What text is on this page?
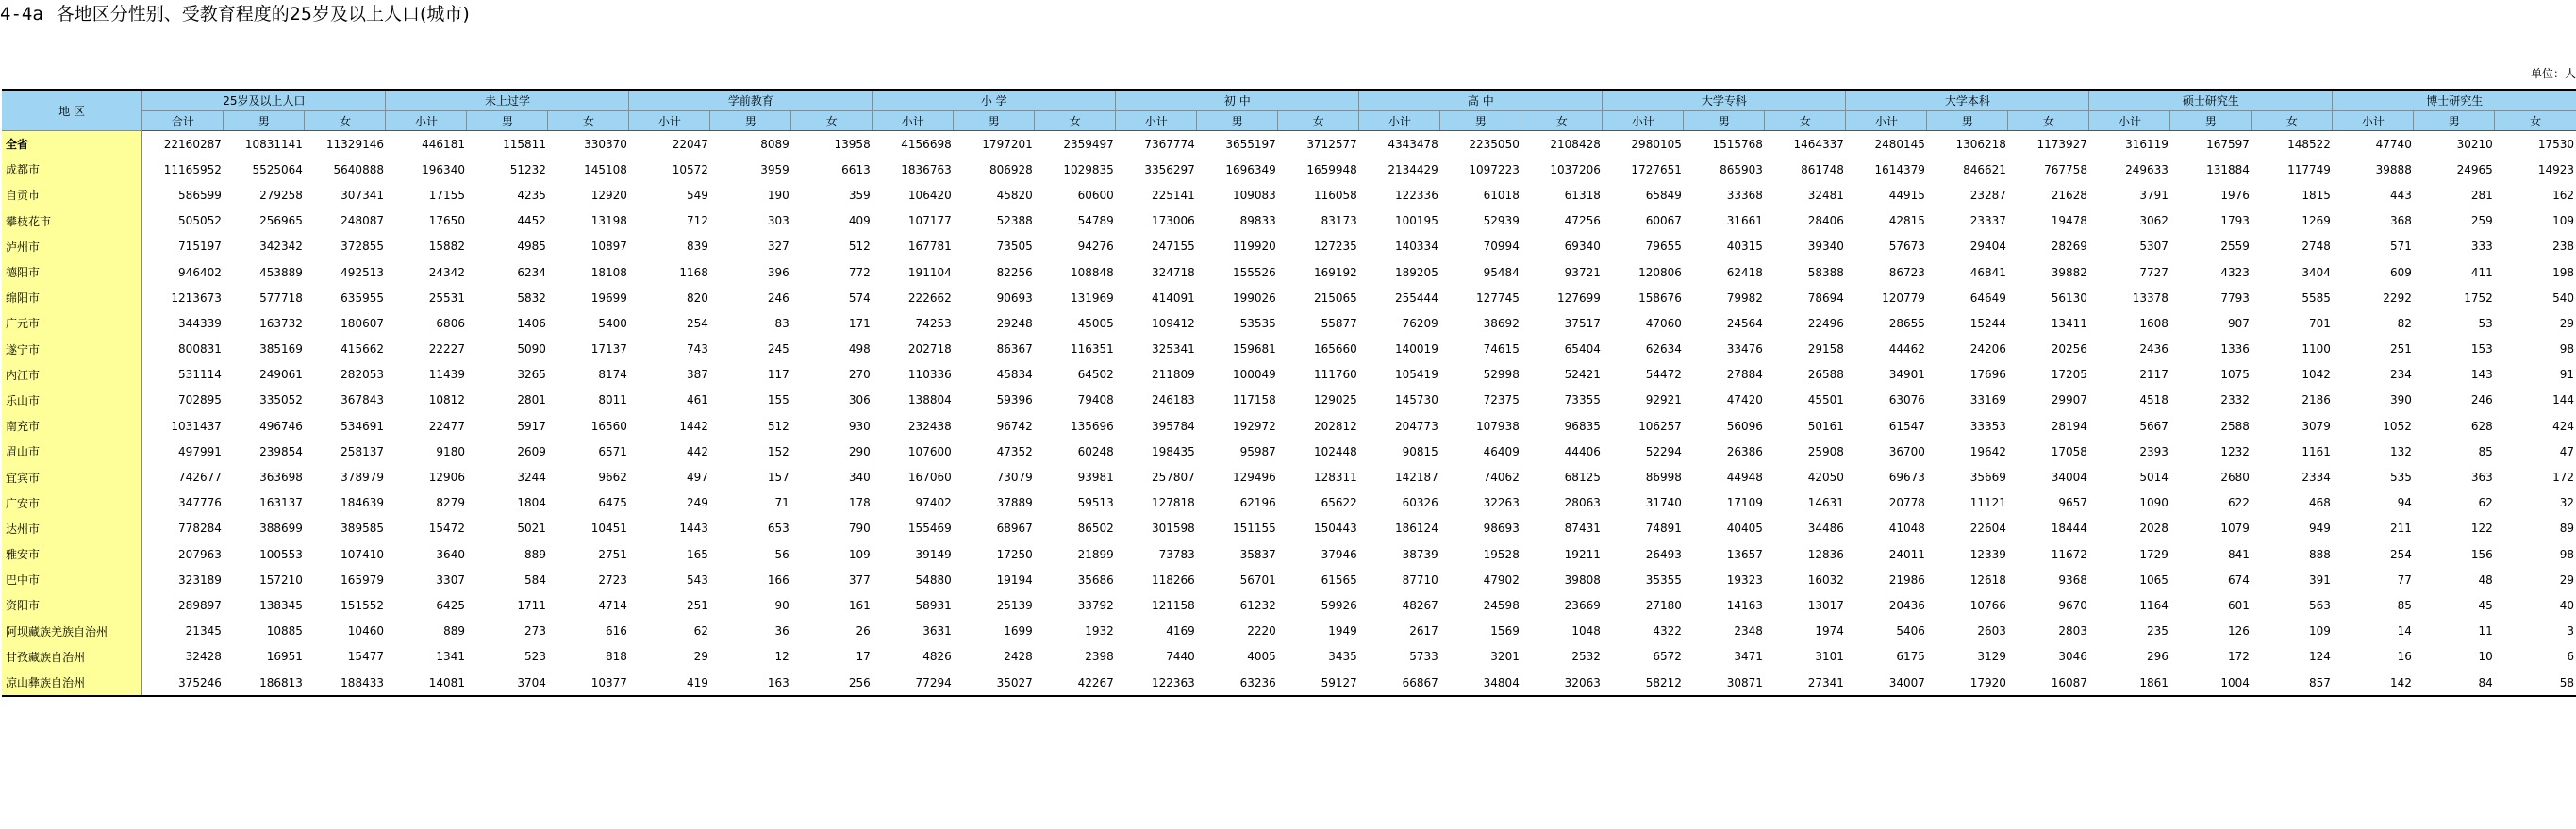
4-4a 各地区分性别、受教育程度的25岁及以上人口(城市)
单位：人
地 区	25岁及以上人口			未上过学			学前教育			小 学			初 中			高 中			大学专科			大学本科			硕士研究生			博士研究生		
	合计	男	女	小计	男	女	小计	男	女	小计	男	女	小计	男	女	小计	男	女	小计	男	女	小计	男	女	小计	男	女	小计	男	女
全省	22160287	10831141	11329146	446181	115811	330370	22047	8089	13958	4156698	1797201	2359497	7367774	3655197	3712577	4343478	2235050	2108428	2980105	1515768	1464337	2480145	1306218	1173927	316119	167597	148522	47740	30210	17530
成都市	11165952	5525064	5640888	196340	51232	145108	10572	3959	6613	1836763	806928	1029835	3356297	1696349	1659948	2134429	1097223	1037206	1727651	865903	861748	1614379	846621	767758	249633	131884	117749	39888	24965	14923
自贡市	586599	279258	307341	17155	4235	12920	549	190	359	106420	45820	60600	225141	109083	116058	122336	61018	61318	65849	33368	32481	44915	23287	21628	3791	1976	1815	443	281	162
攀枝花市	505052	256965	248087	17650	4452	13198	712	303	409	107177	52388	54789	173006	89833	83173	100195	52939	47256	60067	31661	28406	42815	23337	19478	3062	1793	1269	368	259	109
泸州市	715197	342342	372855	15882	4985	10897	839	327	512	167781	73505	94276	247155	119920	127235	140334	70994	69340	79655	40315	39340	57673	29404	28269	5307	2559	2748	571	333	238
德阳市	946402	453889	492513	24342	6234	18108	1168	396	772	191104	82256	108848	324718	155526	169192	189205	95484	93721	120806	62418	58388	86723	46841	39882	7727	4323	3404	609	411	198
绵阳市	1213673	577718	635955	25531	5832	19699	820	246	574	222662	90693	131969	414091	199026	215065	255444	127745	127699	158676	79982	78694	120779	64649	56130	13378	7793	5585	2292	1752	540
广元市	344339	163732	180607	6806	1406	5400	254	83	171	74253	29248	45005	109412	53535	55877	76209	38692	37517	47060	24564	22496	28655	15244	13411	1608	907	701	82	53	29
遂宁市	800831	385169	415662	22227	5090	17137	743	245	498	202718	86367	116351	325341	159681	165660	140019	74615	65404	62634	33476	29158	44462	24206	20256	2436	1336	1100	251	153	98
内江市	531114	249061	282053	11439	3265	8174	387	117	270	110336	45834	64502	211809	100049	111760	105419	52998	52421	54472	27884	26588	34901	17696	17205	2117	1075	1042	234	143	91
乐山市	702895	335052	367843	10812	2801	8011	461	155	306	138804	59396	79408	246183	117158	129025	145730	72375	73355	92921	47420	45501	63076	33169	29907	4518	2332	2186	390	246	144
南充市	1031437	496746	534691	22477	5917	16560	1442	512	930	232438	96742	135696	395784	192972	202812	204773	107938	96835	106257	56096	50161	61547	33353	28194	5667	2588	3079	1052	628	424
眉山市	497991	239854	258137	9180	2609	6571	442	152	290	107600	47352	60248	198435	95987	102448	90815	46409	44406	52294	26386	25908	36700	19642	17058	2393	1232	1161	132	85	47
宜宾市	742677	363698	378979	12906	3244	9662	497	157	340	167060	73079	93981	257807	129496	128311	142187	74062	68125	86998	44948	42050	69673	35669	34004	5014	2680	2334	535	363	172
广安市	347776	163137	184639	8279	1804	6475	249	71	178	97402	37889	59513	127818	62196	65622	60326	32263	28063	31740	17109	14631	20778	11121	9657	1090	622	468	94	62	32
达州市	778284	388699	389585	15472	5021	10451	1443	653	790	155469	68967	86502	301598	151155	150443	186124	98693	87431	74891	40405	34486	41048	22604	18444	2028	1079	949	211	122	89
雅安市	207963	100553	107410	3640	889	2751	165	56	109	39149	17250	21899	73783	35837	37946	38739	19528	19211	26493	13657	12836	24011	12339	11672	1729	841	888	254	156	98
巴中市	323189	157210	165979	3307	584	2723	543	166	377	54880	19194	35686	118266	56701	61565	87710	47902	39808	35355	19323	16032	21986	12618	9368	1065	674	391	77	48	29
资阳市	289897	138345	151552	6425	1711	4714	251	90	161	58931	25139	33792	121158	61232	59926	48267	24598	23669	27180	14163	13017	20436	10766	9670	1164	601	563	85	45	40
阿坝藏族羌族自治州	21345	10885	10460	889	273	616	62	36	26	3631	1699	1932	4169	2220	1949	2617	1569	1048	4322	2348	1974	5406	2603	2803	235	126	109	14	11	3
甘孜藏族自治州	32428	16951	15477	1341	523	818	29	12	17	4826	2428	2398	7440	4005	3435	5733	3201	2532	6572	3471	3101	6175	3129	3046	296	172	124	16	10	6
凉山彝族自治州	375246	186813	188433	14081	3704	10377	419	163	256	77294	35027	42267	122363	63236	59127	66867	34804	32063	58212	30871	27341	34007	17920	16087	1861	1004	857	142	84	58
